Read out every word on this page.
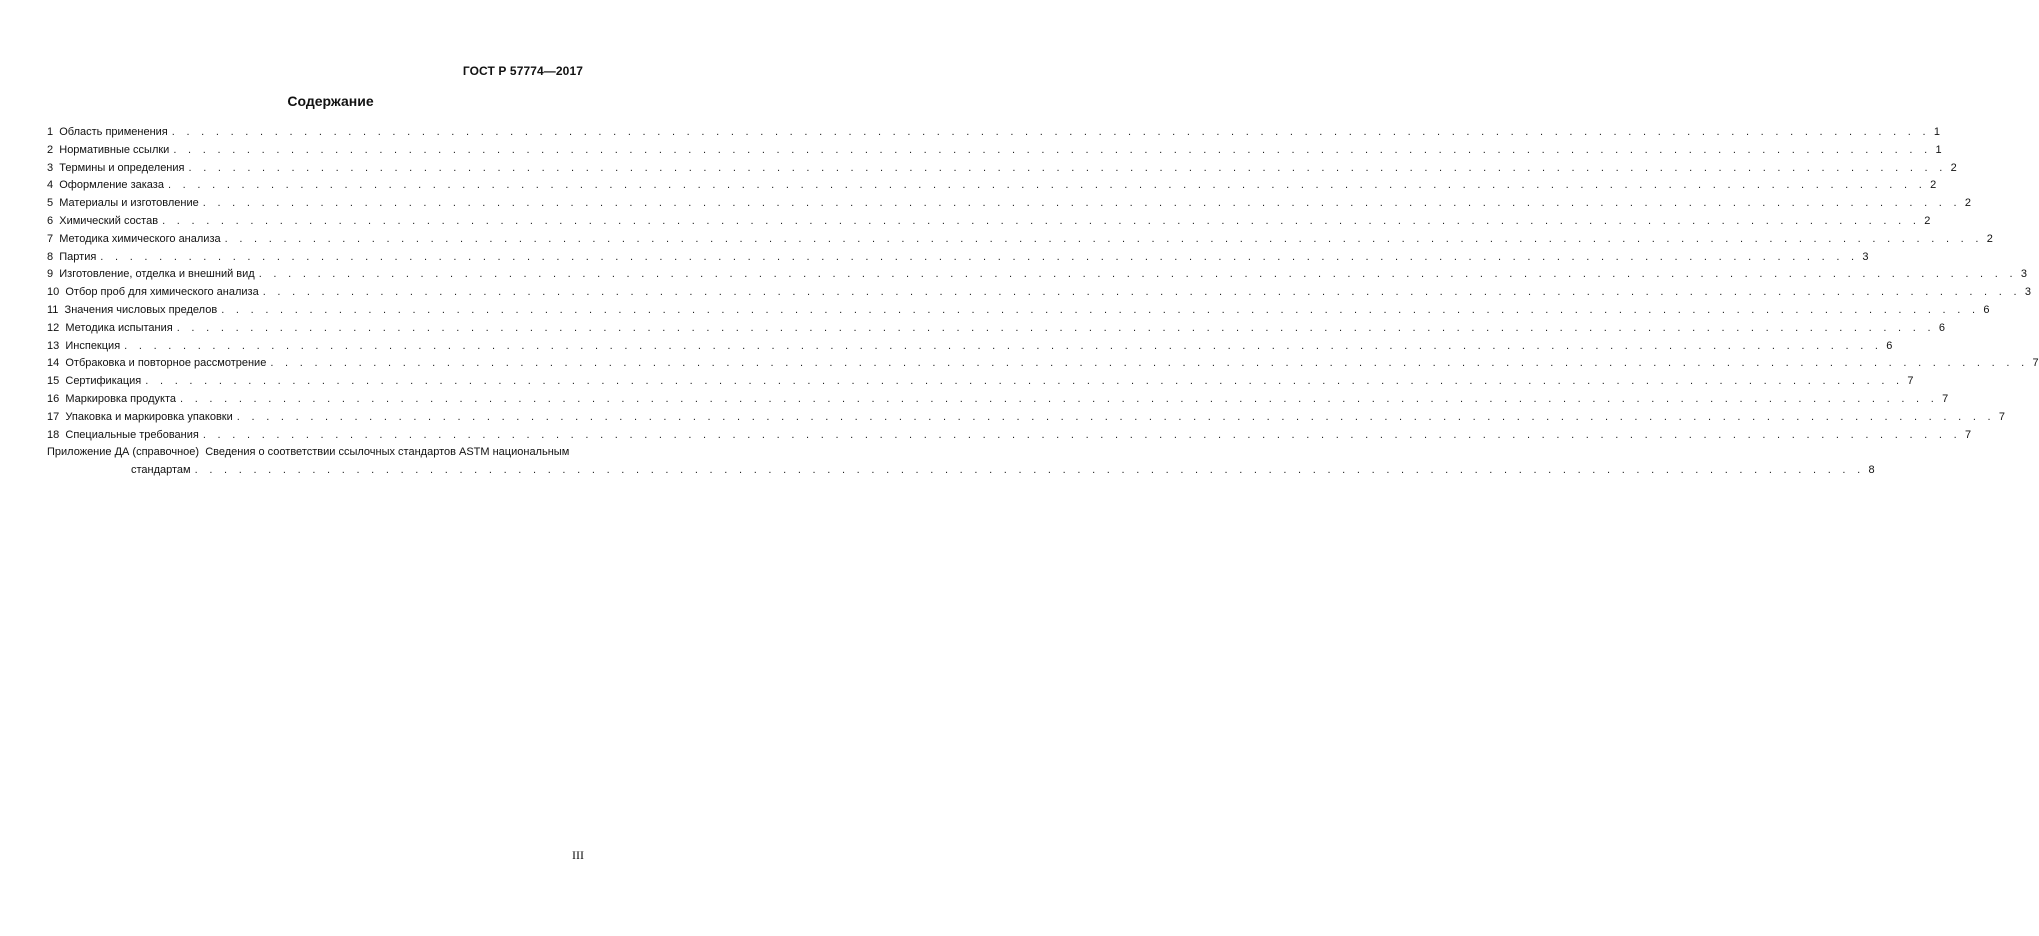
ГОСТ Р 57774—2017
Содержание
1
Область применения . . . . . . . . . . . . . . . . . . . . . . . . . . . . . . . . . . . . . . . . . . . . . . . . . . . . . . . . . . . . . . . . . . . . . . . . . . . . . . . . . . . . . . . . . . . . . . . . . . . . . . . . . . . . . . . . . . . . . . . . 1
2
Нормативные ссылки . . . . . . . . . . . . . . . . . . . . . . . . . . . . . . . . . . . . . . . . . . . . . . . . . . . . . . . . . . . . . . . . . . . . . . . . . . . . . . . . . . . . . . . . . . . . . . . . . . . . . . . . . . . . . . . . . . . . . . . . 1
3
Термины и определения . . . . . . . . . . . . . . . . . . . . . . . . . . . . . . . . . . . . . . . . . . . . . . . . . . . . . . . . . . . . . . . . . . . . . . . . . . . . . . . . . . . . . . . . . . . . . . . . . . . . . . . . . . . . . . . . . . . . . . . . 2
4
Оформление заказа . . . . . . . . . . . . . . . . . . . . . . . . . . . . . . . . . . . . . . . . . . . . . . . . . . . . . . . . . . . . . . . . . . . . . . . . . . . . . . . . . . . . . . . . . . . . . . . . . . . . . . . . . . . . . . . . . . . . . . . . 2
5
Материалы и изготовление . . . . . . . . . . . . . . . . . . . . . . . . . . . . . . . . . . . . . . . . . . . . . . . . . . . . . . . . . . . . . . . . . . . . . . . . . . . . . . . . . . . . . . . . . . . . . . . . . . . . . . . . . . . . . . . . . . . . . . . . 2
6
Химический состав . . . . . . . . . . . . . . . . . . . . . . . . . . . . . . . . . . . . . . . . . . . . . . . . . . . . . . . . . . . . . . . . . . . . . . . . . . . . . . . . . . . . . . . . . . . . . . . . . . . . . . . . . . . . . . . . . . . . . . . . 2
7
Методика химического анализа . . . . . . . . . . . . . . . . . . . . . . . . . . . . . . . . . . . . . . . . . . . . . . . . . . . . . . . . . . . . . . . . . . . . . . . . . . . . . . . . . . . . . . . . . . . . . . . . . . . . . . . . . . . . . . . . . . . . . . . . 2
8
Партия . . . . . . . . . . . . . . . . . . . . . . . . . . . . . . . . . . . . . . . . . . . . . . . . . . . . . . . . . . . . . . . . . . . . . . . . . . . . . . . . . . . . . . . . . . . . . . . . . . . . . . . . . . . . . . . . . . . . . . . . 3
9
Изготовление, отделка и внешний вид . . . . . . . . . . . . . . . . . . . . . . . . . . . . . . . . . . . . . . . . . . . . . . . . . . . . . . . . . . . . . . . . . . . . . . . . . . . . . . . . . . . . . . . . . . . . . . . . . . . . . . . . . . . . . . . . . . . . . . . . 3
10
Отбор проб для химического анализа . . . . . . . . . . . . . . . . . . . . . . . . . . . . . . . . . . . . . . . . . . . . . . . . . . . . . . . . . . . . . . . . . . . . . . . . . . . . . . . . . . . . . . . . . . . . . . . . . . . . . . . . . . . . . . . . . . . . . . . . 3
11
Значения числовых пределов . . . . . . . . . . . . . . . . . . . . . . . . . . . . . . . . . . . . . . . . . . . . . . . . . . . . . . . . . . . . . . . . . . . . . . . . . . . . . . . . . . . . . . . . . . . . . . . . . . . . . . . . . . . . . . . . . . . . . . . . 6
12
Методика испытания . . . . . . . . . . . . . . . . . . . . . . . . . . . . . . . . . . . . . . . . . . . . . . . . . . . . . . . . . . . . . . . . . . . . . . . . . . . . . . . . . . . . . . . . . . . . . . . . . . . . . . . . . . . . . . . . . . . . . . . . 6
13
Инспекция . . . . . . . . . . . . . . . . . . . . . . . . . . . . . . . . . . . . . . . . . . . . . . . . . . . . . . . . . . . . . . . . . . . . . . . . . . . . . . . . . . . . . . . . . . . . . . . . . . . . . . . . . . . . . . . . . . . . . . . . 6
14
Отбраковка и повторное рассмотрение . . . . . . . . . . . . . . . . . . . . . . . . . . . . . . . . . . . . . . . . . . . . . . . . . . . . . . . . . . . . . . . . . . . . . . . . . . . . . . . . . . . . . . . . . . . . . . . . . . . . . . . . . . . . . . . . . . . . . . . . 7
15
Сертификация . . . . . . . . . . . . . . . . . . . . . . . . . . . . . . . . . . . . . . . . . . . . . . . . . . . . . . . . . . . . . . . . . . . . . . . . . . . . . . . . . . . . . . . . . . . . . . . . . . . . . . . . . . . . . . . . . . . . . . . . 7
16
Маркировка продукта . . . . . . . . . . . . . . . . . . . . . . . . . . . . . . . . . . . . . . . . . . . . . . . . . . . . . . . . . . . . . . . . . . . . . . . . . . . . . . . . . . . . . . . . . . . . . . . . . . . . . . . . . . . . . . . . . . . . . . . . 7
17
Упаковка и маркировка упаковки . . . . . . . . . . . . . . . . . . . . . . . . . . . . . . . . . . . . . . . . . . . . . . . . . . . . . . . . . . . . . . . . . . . . . . . . . . . . . . . . . . . . . . . . . . . . . . . . . . . . . . . . . . . . . . . . . . . . . . . . 7
18
Специальные требования . . . . . . . . . . . . . . . . . . . . . . . . . . . . . . . . . . . . . . . . . . . . . . . . . . . . . . . . . . . . . . . . . . . . . . . . . . . . . . . . . . . . . . . . . . . . . . . . . . . . . . . . . . . . . . . . . . . . . . . . 7
Приложение ДА (справочное) Сведения о соответствии ссылочных стандартов ASTM национальным
стандартам . . . . . . . . . . . . . . . . . . . . . . . . . . . . . . . . . . . . . . . . . . . . . . . . . . . . . . . . . . . . . . . . . . . . . . . . . . . . . . . . . . . . . . . . . . . . . . . . . . . . . . . . . . . . . . . . . . 8
III
